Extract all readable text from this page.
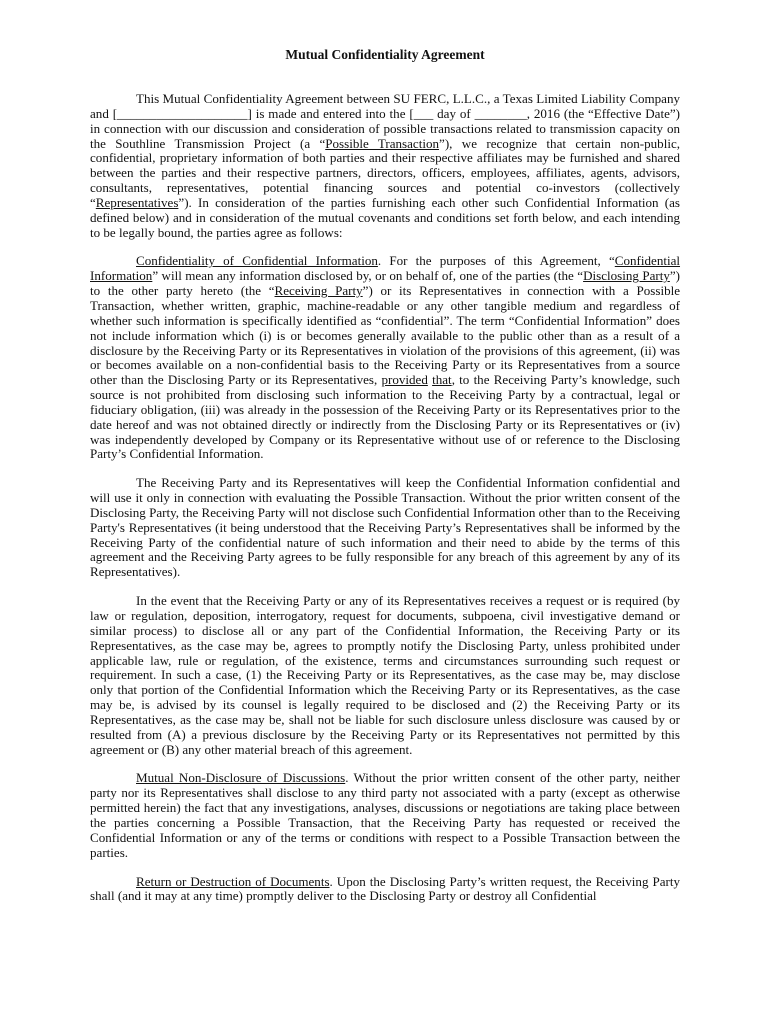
Mutual Confidentiality Agreement

This Mutual Confidentiality Agreement between SU FERC, L.L.C., a Texas Limited Liability Company and [____________________] is made and entered into the [___ day of ________, 2016 (the “Effective Date”) in connection with our discussion and consideration of possible transactions related to transmission capacity on the Southline Transmission Project (a “Possible Transaction”), we recognize that certain non-public, confidential, proprietary information of both parties and their respective affiliates may be furnished and shared between the parties and their respective partners, directors, officers, employees, affiliates, agents, advisors, consultants, representatives, potential financing sources and potential co-investors (collectively “Representatives”). In consideration of the parties furnishing each other such Confidential Information (as defined below) and in consideration of the mutual covenants and conditions set forth below, and each intending to be legally bound, the parties agree as follows:

Confidentiality of Confidential Information. For the purposes of this Agreement, “Confidential Information” will mean any information disclosed by, or on behalf of, one of the parties (the “Disclosing Party”) to the other party hereto (the “Receiving Party”) or its Representatives in connection with a Possible Transaction, whether written, graphic, machine-readable or any other tangible medium and regardless of whether such information is specifically identified as “confidential”. The term “Confidential Information” does not include information which (i) is or becomes generally available to the public other than as a result of a disclosure by the Receiving Party or its Representatives in violation of the provisions of this agreement, (ii) was or becomes available on a non-confidential basis to the Receiving Party or its Representatives from a source other than the Disclosing Party or its Representatives, provided that, to the Receiving Party’s knowledge, such source is not prohibited from disclosing such information to the Receiving Party by a contractual, legal or fiduciary obligation, (iii) was already in the possession of the Receiving Party or its Representatives prior to the date hereof and was not obtained directly or indirectly from the Disclosing Party or its Representatives or (iv) was independently developed by Company or its Representative without use of or reference to the Disclosing Party’s Confidential Information.

The Receiving Party and its Representatives will keep the Confidential Information confidential and will use it only in connection with evaluating the Possible Transaction. Without the prior written consent of the Disclosing Party, the Receiving Party will not disclose such Confidential Information other than to the Receiving Party's Representatives (it being understood that the Receiving Party’s Representatives shall be informed by the Receiving Party of the confidential nature of such information and their need to abide by the terms of this agreement and the Receiving Party agrees to be fully responsible for any breach of this agreement by any of its Representatives).

In the event that the Receiving Party or any of its Representatives receives a request or is required (by law or regulation, deposition, interrogatory, request for documents, subpoena, civil investigative demand or similar process) to disclose all or any part of the Confidential Information, the Receiving Party or its Representatives, as the case may be, agrees to promptly notify the Disclosing Party, unless prohibited under applicable law, rule or regulation, of the existence, terms and circumstances surrounding such request or requirement. In such a case, (1) the Receiving Party or its Representatives, as the case may be, may disclose only that portion of the Confidential Information which the Receiving Party or its Representatives, as the case may be, is advised by its counsel is legally required to be disclosed and (2) the Receiving Party or its Representatives, as the case may be, shall not be liable for such disclosure unless disclosure was caused by or resulted from (A) a previous disclosure by the Receiving Party or its Representatives not permitted by this agreement or (B) any other material breach of this agreement.

Mutual Non-Disclosure of Discussions. Without the prior written consent of the other party, neither party nor its Representatives shall disclose to any third party not associated with a party (except as otherwise permitted herein) the fact that any investigations, analyses, discussions or negotiations are taking place between the parties concerning a Possible Transaction, that the Receiving Party has requested or received the Confidential Information or any of the terms or conditions with respect to a Possible Transaction between the parties.

Return or Destruction of Documents. Upon the Disclosing Party’s written request, the Receiving Party shall (and it may at any time) promptly deliver to the Disclosing Party or destroy all Confidential
